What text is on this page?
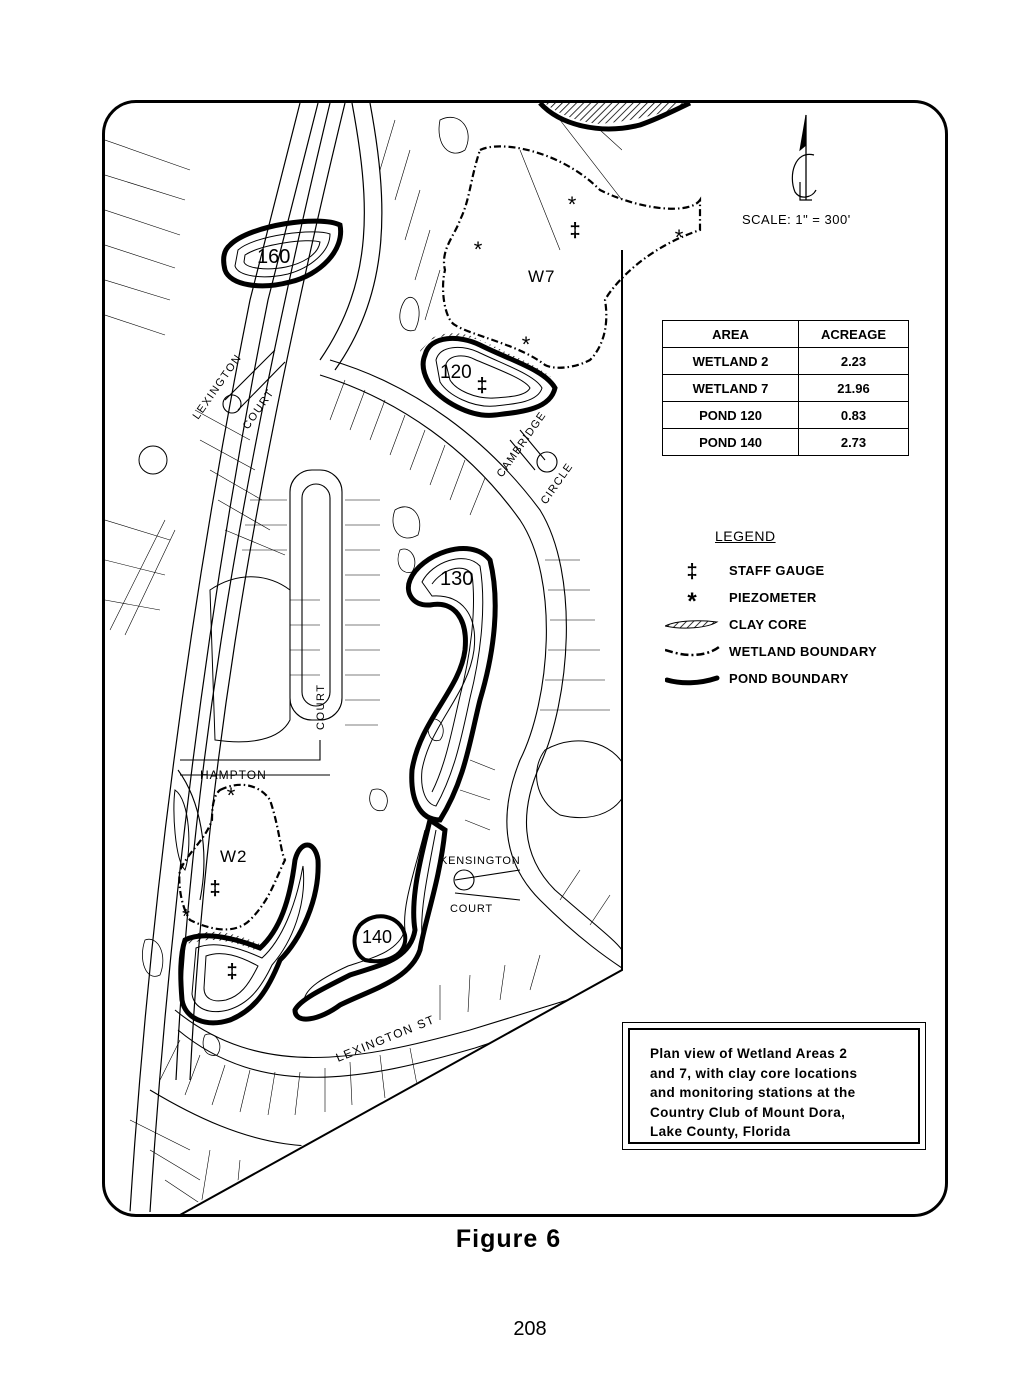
*
‡
*	*
*
‡
*
‡
*
‡
W7
W2
160
120
130
140
LEXINGTON
COURT
CAMBRIDGE
CIRCLE
COURT
HAMPTON
KENSINGTON
COURT
LEXINGTON ST
SCALE: 1" = 300'
AREA	ACREAGE
WETLAND 2	2.23
WETLAND 7	21.96
POND 120	0.83
POND 140	2.73
LEGEND
‡ STAFF GAUGE
* PIEZOMETER
CLAY CORE
WETLAND BOUNDARY
POND BOUNDARY
Plan view of Wetland Areas 2
and 7, with clay core locations
and monitoring stations at the
Country Club of Mount Dora,
Lake County, Florida
Figure 6
208
